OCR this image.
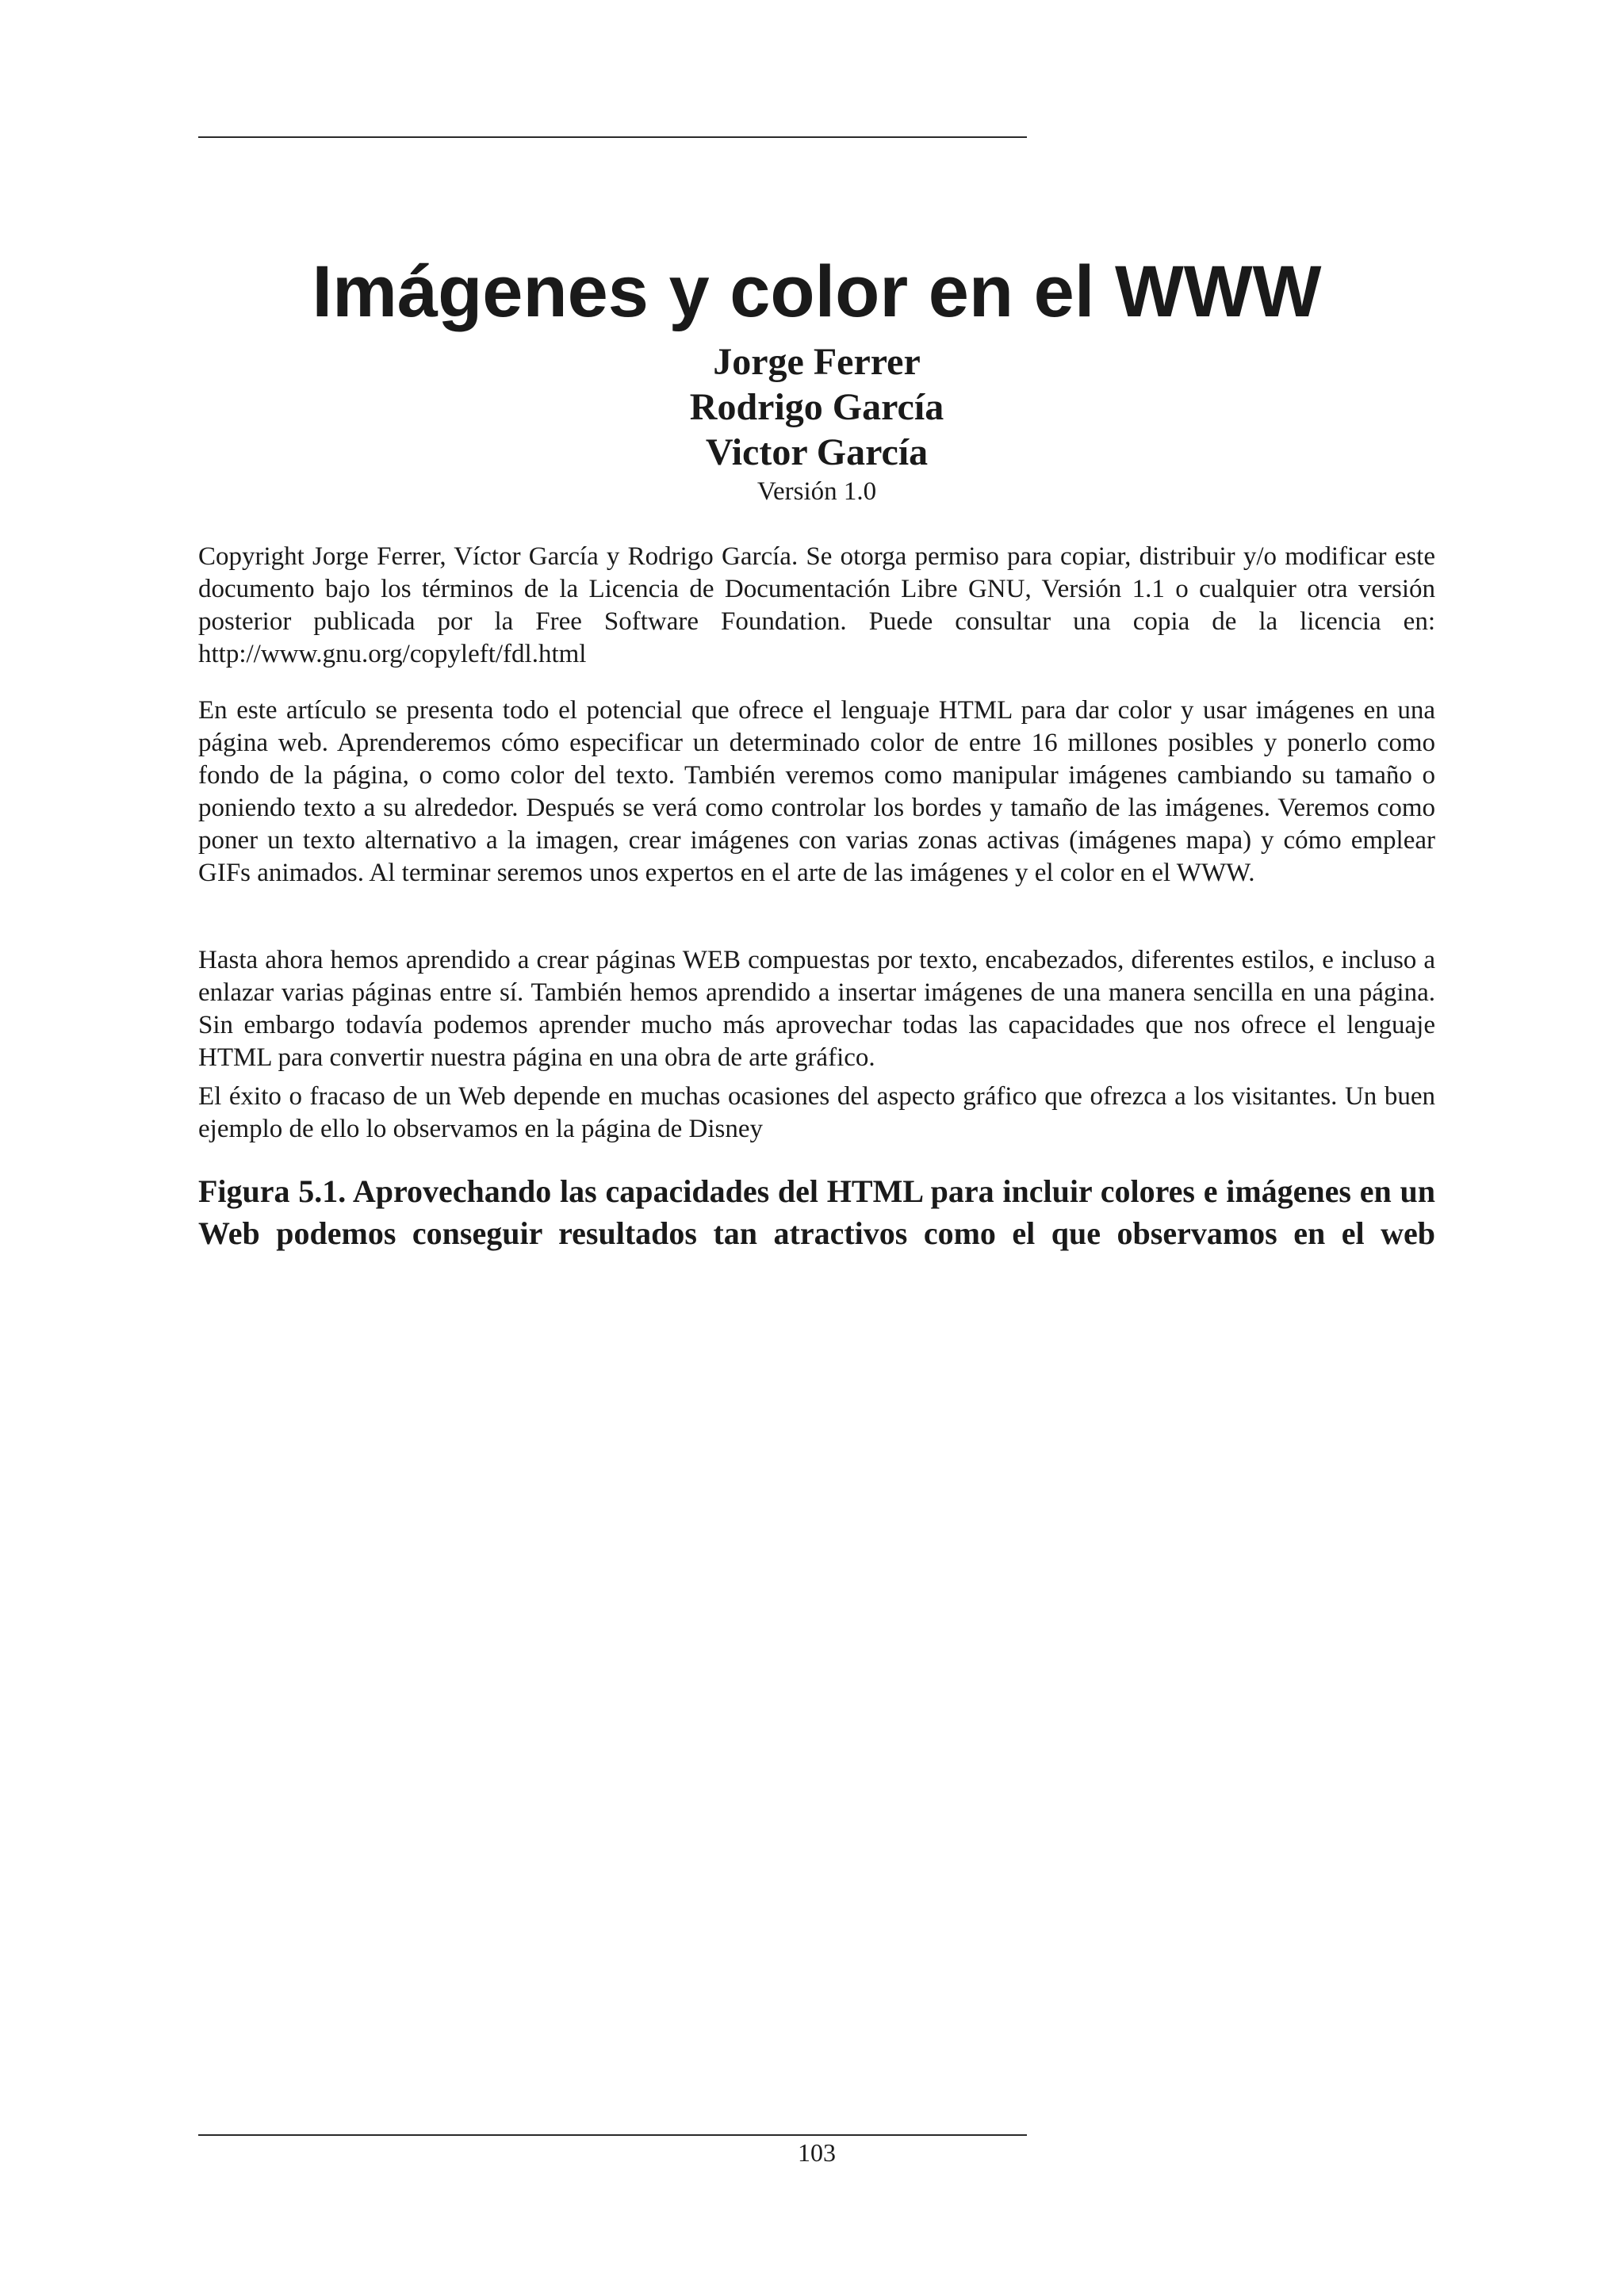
Imágenes y color en el WWW
Jorge Ferrer
Rodrigo García
Victor García
Versión 1.0

Copyright Jorge Ferrer, Víctor García y Rodrigo García. Se otorga permiso para copiar, distribuir y/o modificar este documento bajo los términos de la Licencia de Documentación Libre GNU, Versión 1.1 o cualquier otra versión posterior publicada por la Free Software Foundation. Puede consultar una copia de la licencia en: http://www.gnu.org/copyleft/fdl.html

En este artículo se presenta todo el potencial que ofrece el lenguaje HTML para dar color y usar imágenes en una página web. Aprenderemos cómo especificar un determinado color de entre 16 millones posibles y ponerlo como fondo de la página, o como color del texto. También veremos como manipular imágenes cambiando su tamaño o poniendo texto a su alrededor. Después se verá como controlar los bordes y tamaño de las imágenes. Veremos como poner un texto alternativo a la imagen, crear imágenes con varias zonas activas (imágenes mapa) y cómo emplear GIFs animados. Al terminar seremos unos expertos en el arte de las imágenes y el color en el WWW.

Hasta ahora hemos aprendido a crear páginas WEB compuestas por texto, encabezados, diferentes estilos, e incluso a enlazar varias páginas entre sí. También hemos aprendido a insertar imágenes de una manera sencilla en una página. Sin embargo todavía podemos aprender mucho más aprovechar todas las capacidades que nos ofrece el lenguaje HTML para convertir nuestra página en una obra de arte gráfico.

El éxito o fracaso de un Web depende en muchas ocasiones del aspecto gráfico que ofrezca a los visitantes. Un buen ejemplo de ello lo observamos en la página de Disney

Figura 5.1. Aprovechando las capacidades del HTML para incluir colores e imágenes en un Web podemos conseguir resultados tan atractivos como el que observamos en el web

103
